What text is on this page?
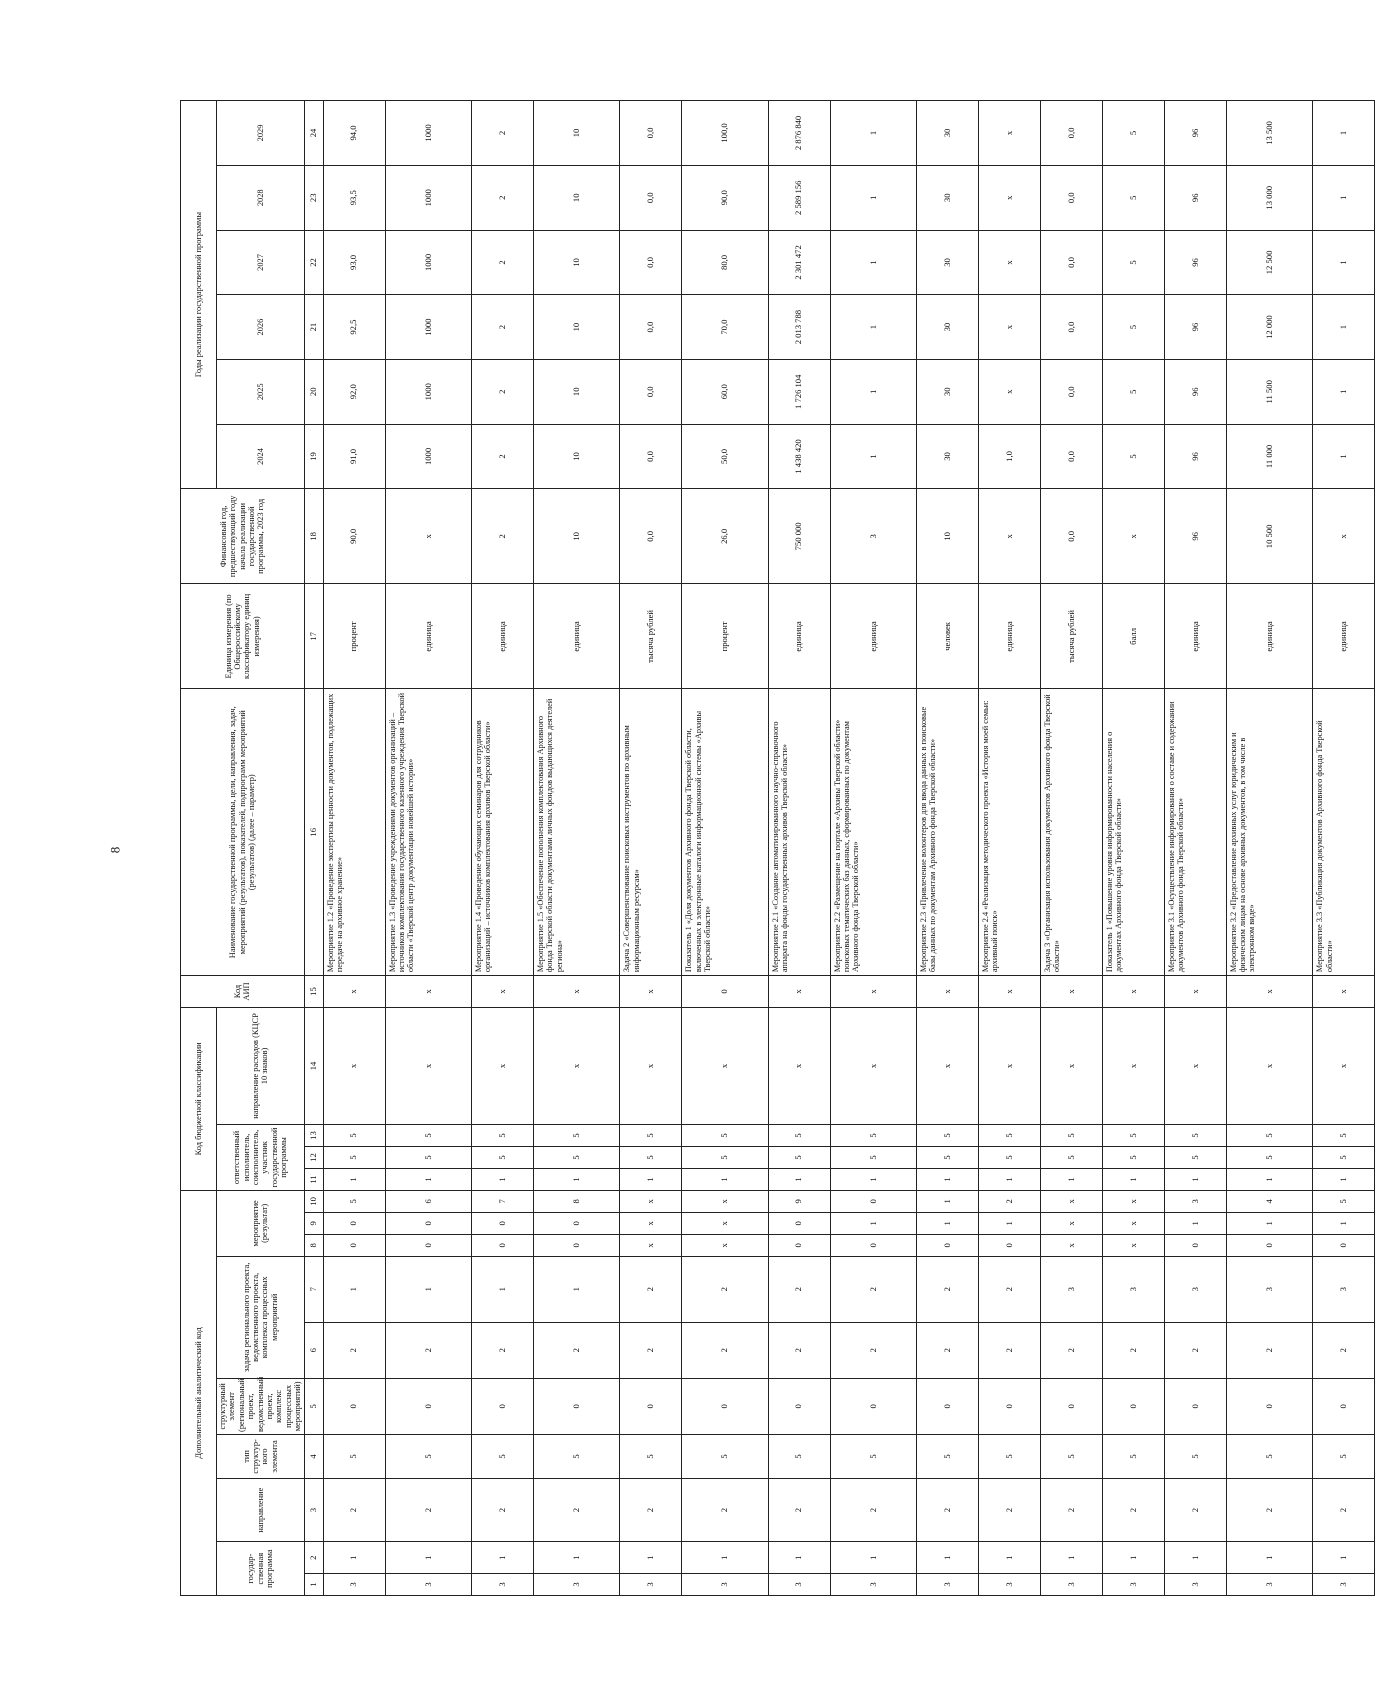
8
Дополнительный аналитический код										Код бюджетной классификации				Код АИП	Наименование государственной программы, цели, направления, задач, мероприятий (результатов), показателей, подпрограмм мероприятий (результатов) (далее – параметр)	Единица измерения (по Общероссийскому классификатору единиц измерения)	Финансовый год, предшествующий году начала реализации государственной программы, 2023 год	Годы реализации государственной программы					
государ-ственная программа		направление	тип структур-ного элемента	структурный элемент (региональный проект, ведомственный проект, комплекс процессных мероприятий)	задача регионального проекта, ведомственного проекта, комплекса процессных мероприятий		мероприятие (результат)			ответственный исполнитель, соисполнитель, участник государственной программы			направление расходов (КЦСР 10 знаков)										
																		2024	2025	2026	2027	2028	2029
1	2	3	4	5	6	7	8	9	10	11	12	13	14	15	16	17	18	19	20	21	22	23	24
3	1	2	5	0	2	1	0	0	5	1	5	5	х	х	Мероприятие 1.2 «Проведение экспертизы ценности документов, подлежащих передаче на архивное хранение»	процент	90,0	91,0	92,0	92,5	93,0	93,5	94,0
3	1	2	5	0	2	1	0	0	6	1	5	5	х	х	Мероприятие 1.3 «Проведение учреждениями документов организаций – источников комплектования государственного казенного учреждения Тверской области «Тверской центр документации новейшей истории»	единица	х	1000	1000	1000	1000	1000	1000
3	1	2	5	0	2	1	0	0	7	1	5	5	х	х	Мероприятие 1.4 «Проведение обучающих семинаров для сотрудников организаций – источников комплектования архивов Тверской области»	единица	2	2	2	2	2	2	2
3	1	2	5	0	2	1	0	0	8	1	5	5	х	х	Мероприятие 1.5 «Обеспечение пополнения комплектования Архивного фонда Тверской области документами личных фондов выдающихся деятелей региона»	единица	10	10	10	10	10	10	10
3	1	2	5	0	2	2	х	х	х	1	5	5	х	х	Задача 2 «Совершенствование поисковых инструментов по архивным информационным ресурсам»	тысяча рублей	0,0	0,0	0,0	0,0	0,0	0,0	0,0
3	1	2	5	0	2	2	х	х	х	1	5	5	х	0	Показатель 1 «Доля документов Архивного фонда Тверской области, включенных в электронные каталоги информационной системы «Архивы Тверской области»	процент	26,0	50,0	60,0	70,0	80,0	90,0	100,0
3	1	2	5	0	2	2	0	0	9	1	5	5	х	х	Мероприятие 2.1 «Создание автоматизированного научно-справочного аппарата на фонды государственных архивов Тверской области»	единица	750 000	1 438 420	1 726 104	2 013 788	2 301 472	2 589 156	2 876 840
3	1	2	5	0	2	2	0	1	0	1	5	5	х	х	Мероприятие 2.2 «Размещение на портале «Архивы Тверской области» поисковых тематических баз данных, сформированных по документам Архивного фонда Тверской области»	единица	3	1	1	1	1	1	1
3	1	2	5	0	2	2	0	1	1	1	5	5	х	х	Мероприятие 2.3 «Привлечение волонтеров для ввода данных в поисковые базы данных по документам Архивного фонда Тверской области»	человек	10	30	30	30	30	30	30
3	1	2	5	0	2	2	0	1	2	1	5	5	х	х	Мероприятие 2.4 «Реализация методического проекта «История моей семьи: архивный поиск»	единица	х	1,0	х	х	х	х	х
3	1	2	5	0	2	3	х	х	х	1	5	5	х	х	Задача 3 «Организация использования документов Архивного фонда Тверской области»	тысяча рублей	0,0	0,0	0,0	0,0	0,0	0,0	0,0
3	1	2	5	0	2	3	х	х	х	1	5	5	х	х	Показатель 1 «Повышение уровня информированности населения о документах Архивного фонда Тверской области»	балл	х	5	5	5	5	5	5
3	1	2	5	0	2	3	0	1	3	1	5	5	х	х	Мероприятие 3.1 «Осуществление информирования о составе и содержании документов Архивного фонда Тверской области»	единица	96	96	96	96	96	96	96
3	1	2	5	0	2	3	0	1	4	1	5	5	х	х	Мероприятие 3.2 «Предоставление архивных услуг юридическим и физическим лицам на основе архивных документов, в том числе в электронном виде»	единица	10 500	11 000	11 500	12 000	12 500	13 000	13 500
3	1	2	5	0	2	3	0	1	5	1	5	5	х	х	Мероприятие 3.3 «Публикация документов Архивного фонда Тверской области»	единица	х	1	1	1	1	1	1
